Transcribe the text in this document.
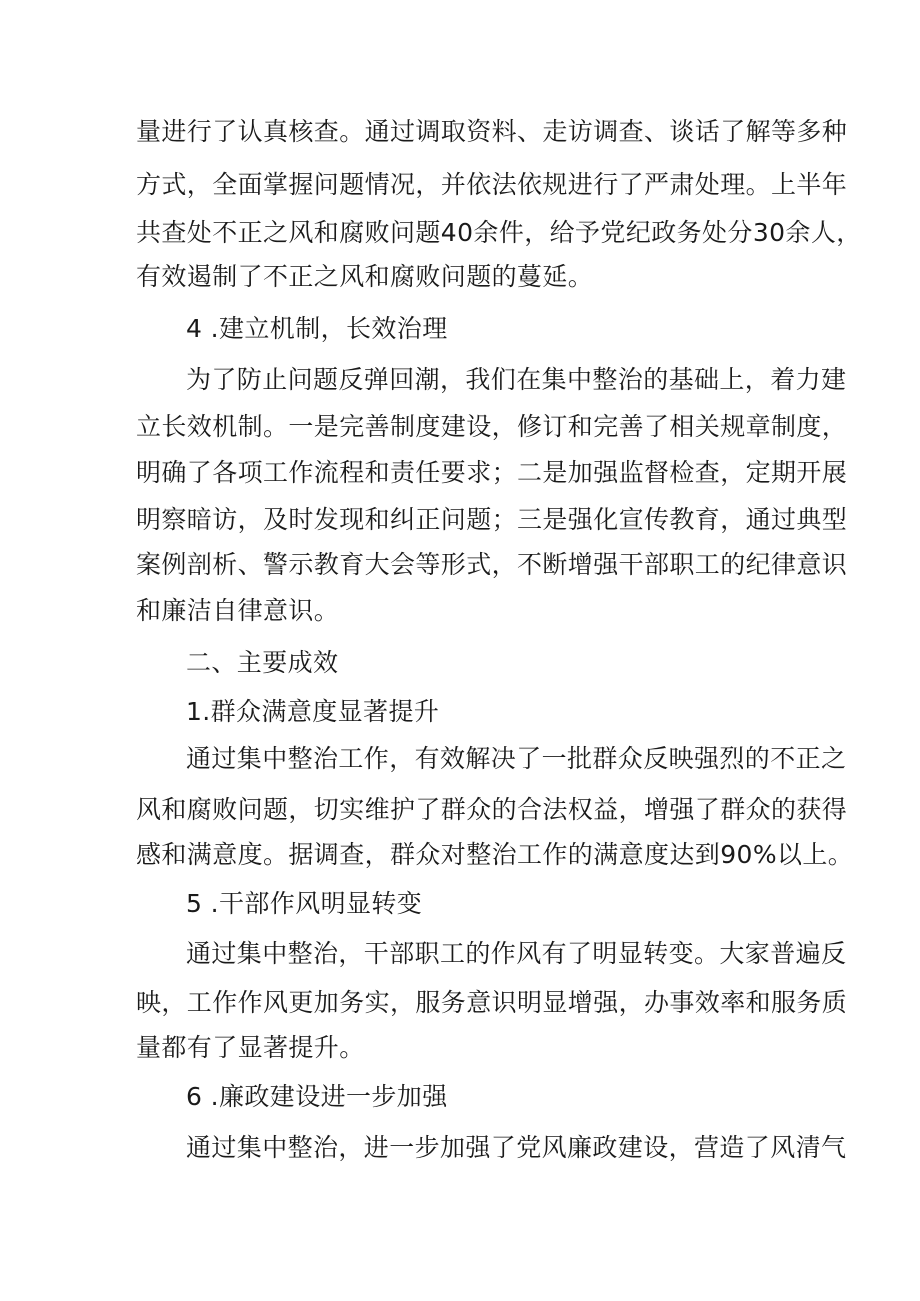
量进行了认真核查。通过调取资料、走访调查、谈话了解等多种
方式，全面掌握问题情况，并依法依规进行了严肃处理。上半年
共查处不正之风和腐败问题40余件，给予党纪政务处分30余人，
有效遏制了不正之风和腐败问题的蔓延。
4 .建立机制，长效治理
为了防止问题反弹回潮，我们在集中整治的基础上，着力建
立长效机制。一是完善制度建设，修订和完善了相关规章制度，
明确了各项工作流程和责任要求；二是加强监督检查，定期开展
明察暗访，及时发现和纠正问题；三是强化宣传教育，通过典型
案例剖析、警示教育大会等形式，不断增强干部职工的纪律意识
和廉洁自律意识。
二、主要成效
1.群众满意度显著提升
通过集中整治工作，有效解决了一批群众反映强烈的不正之
风和腐败问题，切实维护了群众的合法权益，增强了群众的获得
感和满意度。据调查，群众对整治工作的满意度达到90%以上。
5 .干部作风明显转变
通过集中整治，干部职工的作风有了明显转变。大家普遍反
映，工作作风更加务实，服务意识明显增强，办事效率和服务质
量都有了显著提升。
6 .廉政建设进一步加强
通过集中整治，进一步加强了党风廉政建设，营造了风清气
